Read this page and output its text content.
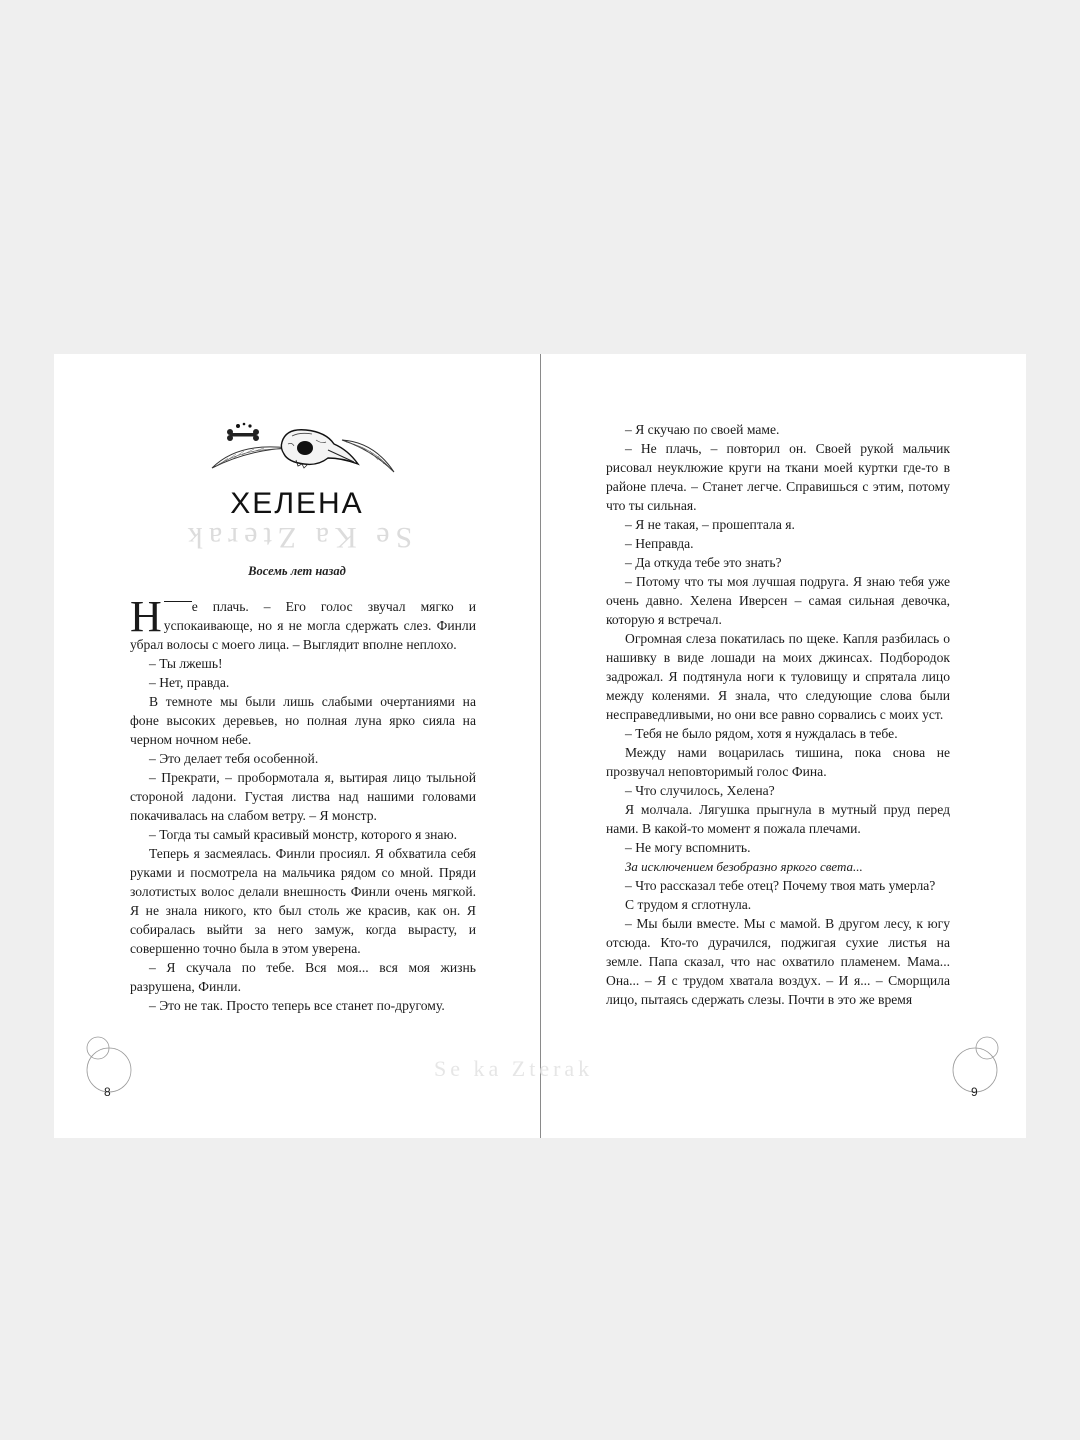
ХЕЛЕНА
Se Ka Zterak
Восемь лет назад

Н е плачь. – Его голос звучал мягко и успокаивающе, но я не могла сдержать слез. Финли убрал волосы с моего лица. – Выглядит вполне неплохо.

– Ты лжешь!

– Нет, правда.

В темноте мы были лишь слабыми очертаниями на фоне высоких деревьев, но полная луна ярко сияла на черном ночном небе.

– Это делает тебя особенной.

– Прекрати, – пробормотала я, вытирая лицо тыльной стороной ладони. Густая листва над нашими головами покачивалась на слабом ветру. – Я монстр.

– Тогда ты самый красивый монстр, которого я знаю.

Теперь я засмеялась. Финли просиял. Я обхватила себя руками и посмотрела на мальчика рядом со мной. Пряди золотистых волос делали внешность Финли очень мягкой. Я не знала никого, кто был столь же красив, как он. Я собиралась выйти за него замуж, когда вырасту, и совершенно точно была в этом уверена.

– Я скучала по тебе. Вся моя... вся моя жизнь разрушена, Финли.

– Это не так. Просто теперь все станет по-другому.

8

– Я скучаю по своей маме.

– Не плачь, – повторил он. Своей рукой мальчик рисовал неуклюжие круги на ткани моей куртки где-то в районе плеча. – Станет легче. Справишься с этим, потому что ты сильная.

– Я не такая, – прошептала я.

– Неправда.

– Да откуда тебе это знать?

– Потому что ты моя лучшая подруга. Я знаю тебя уже очень давно. Хелена Иверсен – самая сильная девочка, которую я встречал.

Огромная слеза покатилась по щеке. Капля разбилась о нашивку в виде лошади на моих джинсах. Подбородок задрожал. Я подтянула ноги к туловищу и спрятала лицо между коленями. Я знала, что следующие слова были несправедливыми, но они все равно сорвались с моих уст.

– Тебя не было рядом, хотя я нуждалась в тебе.

Между нами воцарилась тишина, пока снова не прозвучал неповторимый голос Фина.

– Что случилось, Хелена?

Я молчала. Лягушка прыгнула в мутный пруд перед нами. В какой-то момент я пожала плечами.

– Не могу вспомнить.

За исключением безобразно яркого света...

– Что рассказал тебе отец? Почему твоя мать умерла?

С трудом я сглотнула.

– Мы были вместе. Мы с мамой. В другом лесу, к югу отсюда. Кто-то дурачился, поджигая сухие листья на земле. Папа сказал, что нас охватило пламенем. Мама... Она... – Я с трудом хватала воздух. – И я... – Сморщила лицо, пытаясь сдержать слезы. Почти в это же время

9
Se ka Zterak
